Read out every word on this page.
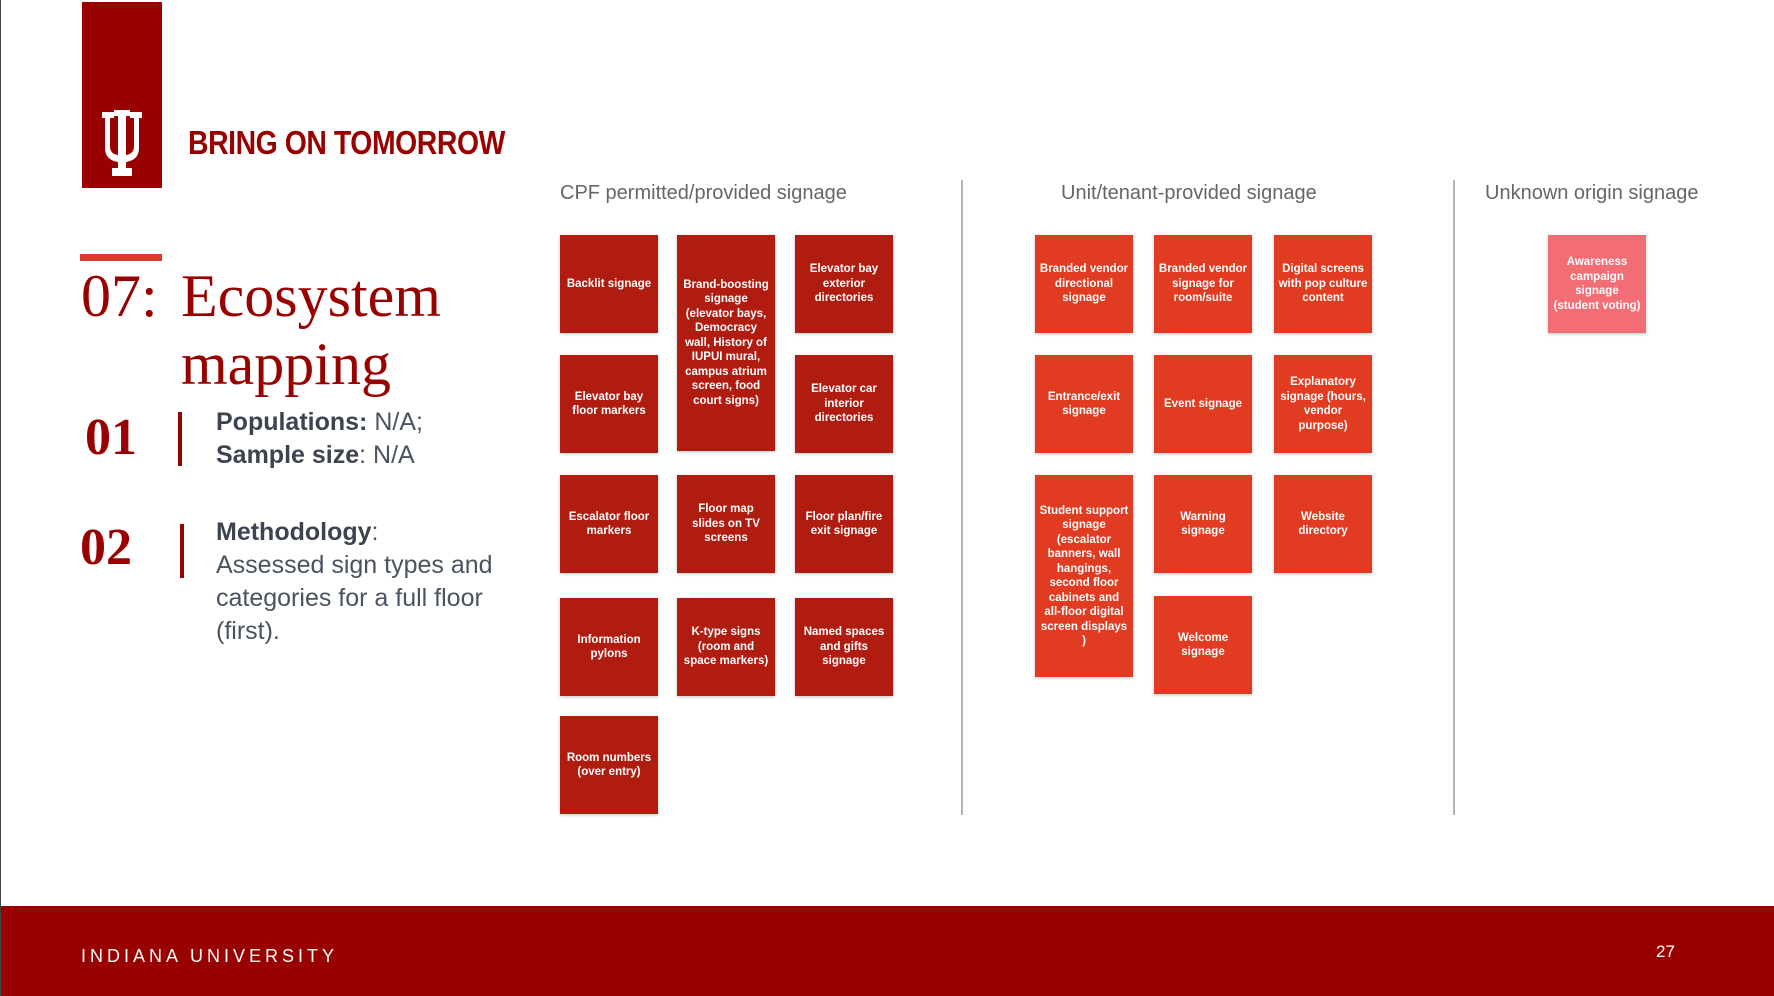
BRING ON TOMORROW
07: Ecosystem mapping
01	Populations: N/A;
Sample size: N/A
02	Methodology:
Assessed sign types and categories for a full floor (first).
CPF permitted/provided signage	Unit/tenant-provided signage	Unknown origin signage
Backlit signage	Brand-boosting signage (elevator bays, Democracy wall, History of IUPUI mural, campus atrium screen, food court signs)
Elevator bay exterior directories
Elevator bay floor markers
Elevator car interior directories
Escalator floor markers
Floor map slides on TV screens
Floor plan/fire exit signage
Information pylons
K-type signs (room and space markers)
Named spaces and gifts signage
Room numbers (over entry)
Branded vendor directional signage
Branded vendor signage for room/suite
Digital screens with pop culture content
Entrance/exit signage
Event signage
Explanatory signage (hours, vendor purpose)
Student support signage (escalator banners, wall hangings, second floor cabinets and all-floor digital screen displays )
Warning signage
Website directory
Welcome signage
Awareness campaign signage (student voting)
INDIANA UNIVERSITY	27
